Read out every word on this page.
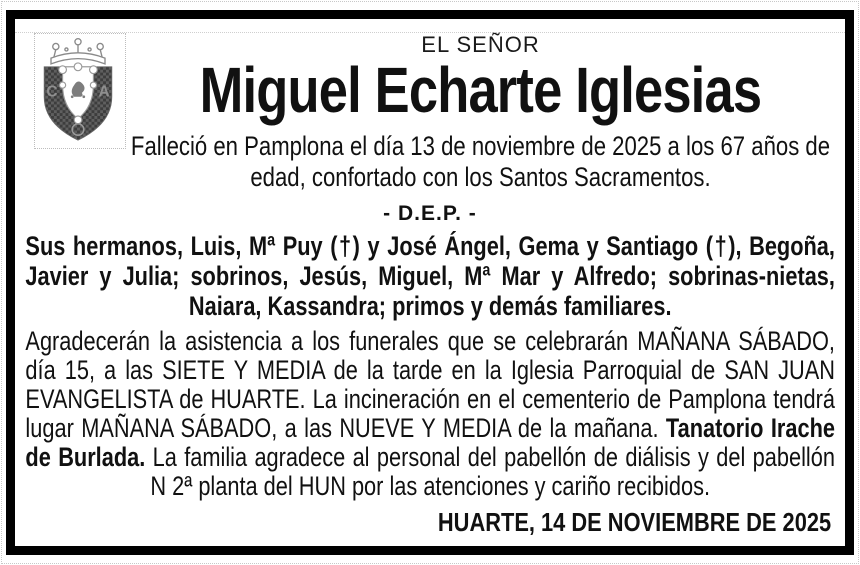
C	A
EL SEÑOR
Miguel Echarte Iglesias

Falleció en Pamplona el día 13 de noviembre de 2025 a los 67 años de edad, confortado con los Santos Sacramentos.

- D.E.P. -

Sus hermanos, Luis, Mª Puy (†) y José Ángel, Gema y Santiago (†), Begoña, Javier y Julia; sobrinos, Jesús, Miguel, Mª Mar y Alfredo; sobrinas-nietas, Naiara, Kassandra; primos y demás familiares.

Agradecerán la asistencia a los funerales que se celebrarán MAÑANA SÁBADO, día 15, a las SIETE Y MEDIA de la tarde en la Iglesia Parroquial de SAN JUAN EVANGELISTA de HUARTE. La incineración en el cementerio de Pamplona tendrá lugar MAÑANA SÁBADO, a las NUEVE Y MEDIA de la mañana. Tanatorio Irache de Burlada. La familia agradece al personal del pabellón de diálisis y del pabellón N 2ª planta del HUN por las atenciones y cariño recibidos.

HUARTE, 14 DE NOVIEMBRE DE 2025
